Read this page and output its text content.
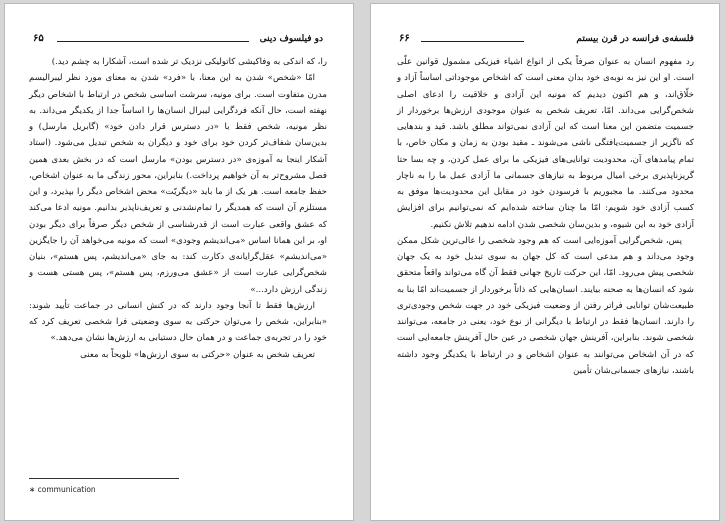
دو فیلسوف دینی
۶۵

را، که اندکی به وفاکیشی کاتولیکی نزدیک تر شده است، آشکارا به چشم دید.)

امّا «شخص» شدن به این معنا، با «فرد» شدن به معنای مورد نظر لیبرالیسم مدرن متفاوت است. برای مونیه، سرشت اساسی شخص در ارتباط با اشخاص دیگر نهفته است، حال آنکه فردگرایی لیبرال انسان‌ها را اساساً جدا از یکدیگر می‌داند. به نظر مونیه، شخص فقط با «در دسترس قرار دادن خود» (گابریل مارسل) و بدین‌سان شفاف‌تر کردن خود برای خود و دیگران به شخص تبدیل می‌شود. (استاد آشکار اینجا به آموزه‌ی «در دسترس بودن» مارسل است که در بخش بعدی همین فصل مشروح‌تر به آن خواهیم پرداخت.) بنابراین، محور زندگی ما به عنوان اشخاص، حفظ جامعه است. هر یک از ما باید «دیگریّت» محض اشخاص دیگر را بپذیرد، و این مستلزم آن است که همدیگر را تمام‌نشدنی و تعریف‌ناپذیر بدانیم. مونیه ادعا می‌کند که عشق واقعی عبارت است از قدرشناسی از شخص دیگر صرفاً برای دیگر بودن او، بر این همانا اساس «می‌اندیشم وجودی» است که مونیه می‌خواهد آن را جایگزین «می‌اندیشم» عقل‌گرایانه‌ی دکارت کند: به جای «می‌اندیشم، پس هستم»، بنیان شخص‌گرایی عبارت است از «عشق می‌ورزم، پس هستم»، پس هستی هست و زندگی ارزش دارد...»

ارزش‌ها فقط تا آنجا وجود دارند که در کنش انسانی در جماعت تأیید شوند: «بنابراین، شخص را می‌توان حرکتی به سوی وضعیتی فرا شخصی تعریف کرد که خود را در تجربه‌ی جماعت و در همان حال دستیابی به ارزش‌ها نشان می‌دهد.»

تعریف شخص به عنوان «حرکتی به سوی ارزش‌ها» تلویحاً به معنی

∗ communication
فلسفه‌ی فرانسه در قرن بیستم
۶۶

رد مفهوم انسان به عنوان صرفاً یکی از انواع اشیاء فیزیکی مشمول قوانین علّی است. او این نیز به نوبه‌ی خود بدان معنی است که اشخاص موجوداتی اساساً آزاد و خلّاق‌اند، و هم اکنون دیدیم که مونیه این آزادی و خلاقیت را ادعای اصلی شخص‌گرایی می‌داند. امّا، تعریف شخص به عنوان موجودی ارزش‌ها برخوردار از جسمیت متضمن این معنا است که این آزادی نمی‌تواند مطلق باشد. قید و بندهایی که ناگزیر از جسمیت‌یافتگی ناشی می‌شوند ـ مقید بودن به زمان و مکان خاص، با تمام پیامدهای آن، محدودیت توانایی‌های فیزیکی ما برای عمل کردن، و چه بسا حتا گریزناپذیری برخی امیال مربوط به نیازهای جسمانی ما آزادی عمل ما را به ناچار محدود می‌کنند. ما مجبوریم با فرسودن خود در مقابل این محدودیت‌ها موفق به کسب آزادی خود شویم: امّا ما چنان ساخته شده‌ایم که نمی‌توانیم برای افزایش آزادی خود به این شیوه، و بدین‌سان شخصی شدن ادامه ندهیم تلاش نکنیم.

پس، شخص‌گرایی آموزه‌ایی است که هم وجود شخصی را عالی‌ترین شکل ممکن وجود می‌داند و هم مدعی است که کل جهان به سوی تبدیل خود به یک جهان شخصی پیش می‌رود. امّا، این حرکت تاریخ جهانی فقط آن گاه می‌تواند واقعاً متحقق شود که انسان‌ها به صحنه بیایند. انسان‌هایی که ذاتاً برخوردار از جسمیت‌اند امّا بنا به طبیعت‌شان توانایی فراتر رفتن از وضعیت فیزیکی خود در جهت شخص وجودی‌تری را دارند. انسان‌ها فقط در ارتباط با دیگرانی از نوع خود، یعنی در جامعه، می‌توانند شخصی شوند. بنابراین، آفرینش جهان شخصی در عین حال آفرینش جامعه‌ایی است که در آن اشخاص می‌توانند به عنوان اشخاص و در ارتباط با یکدیگر وجود داشته باشند، نیازهای جسمانی‌شان تأمین
